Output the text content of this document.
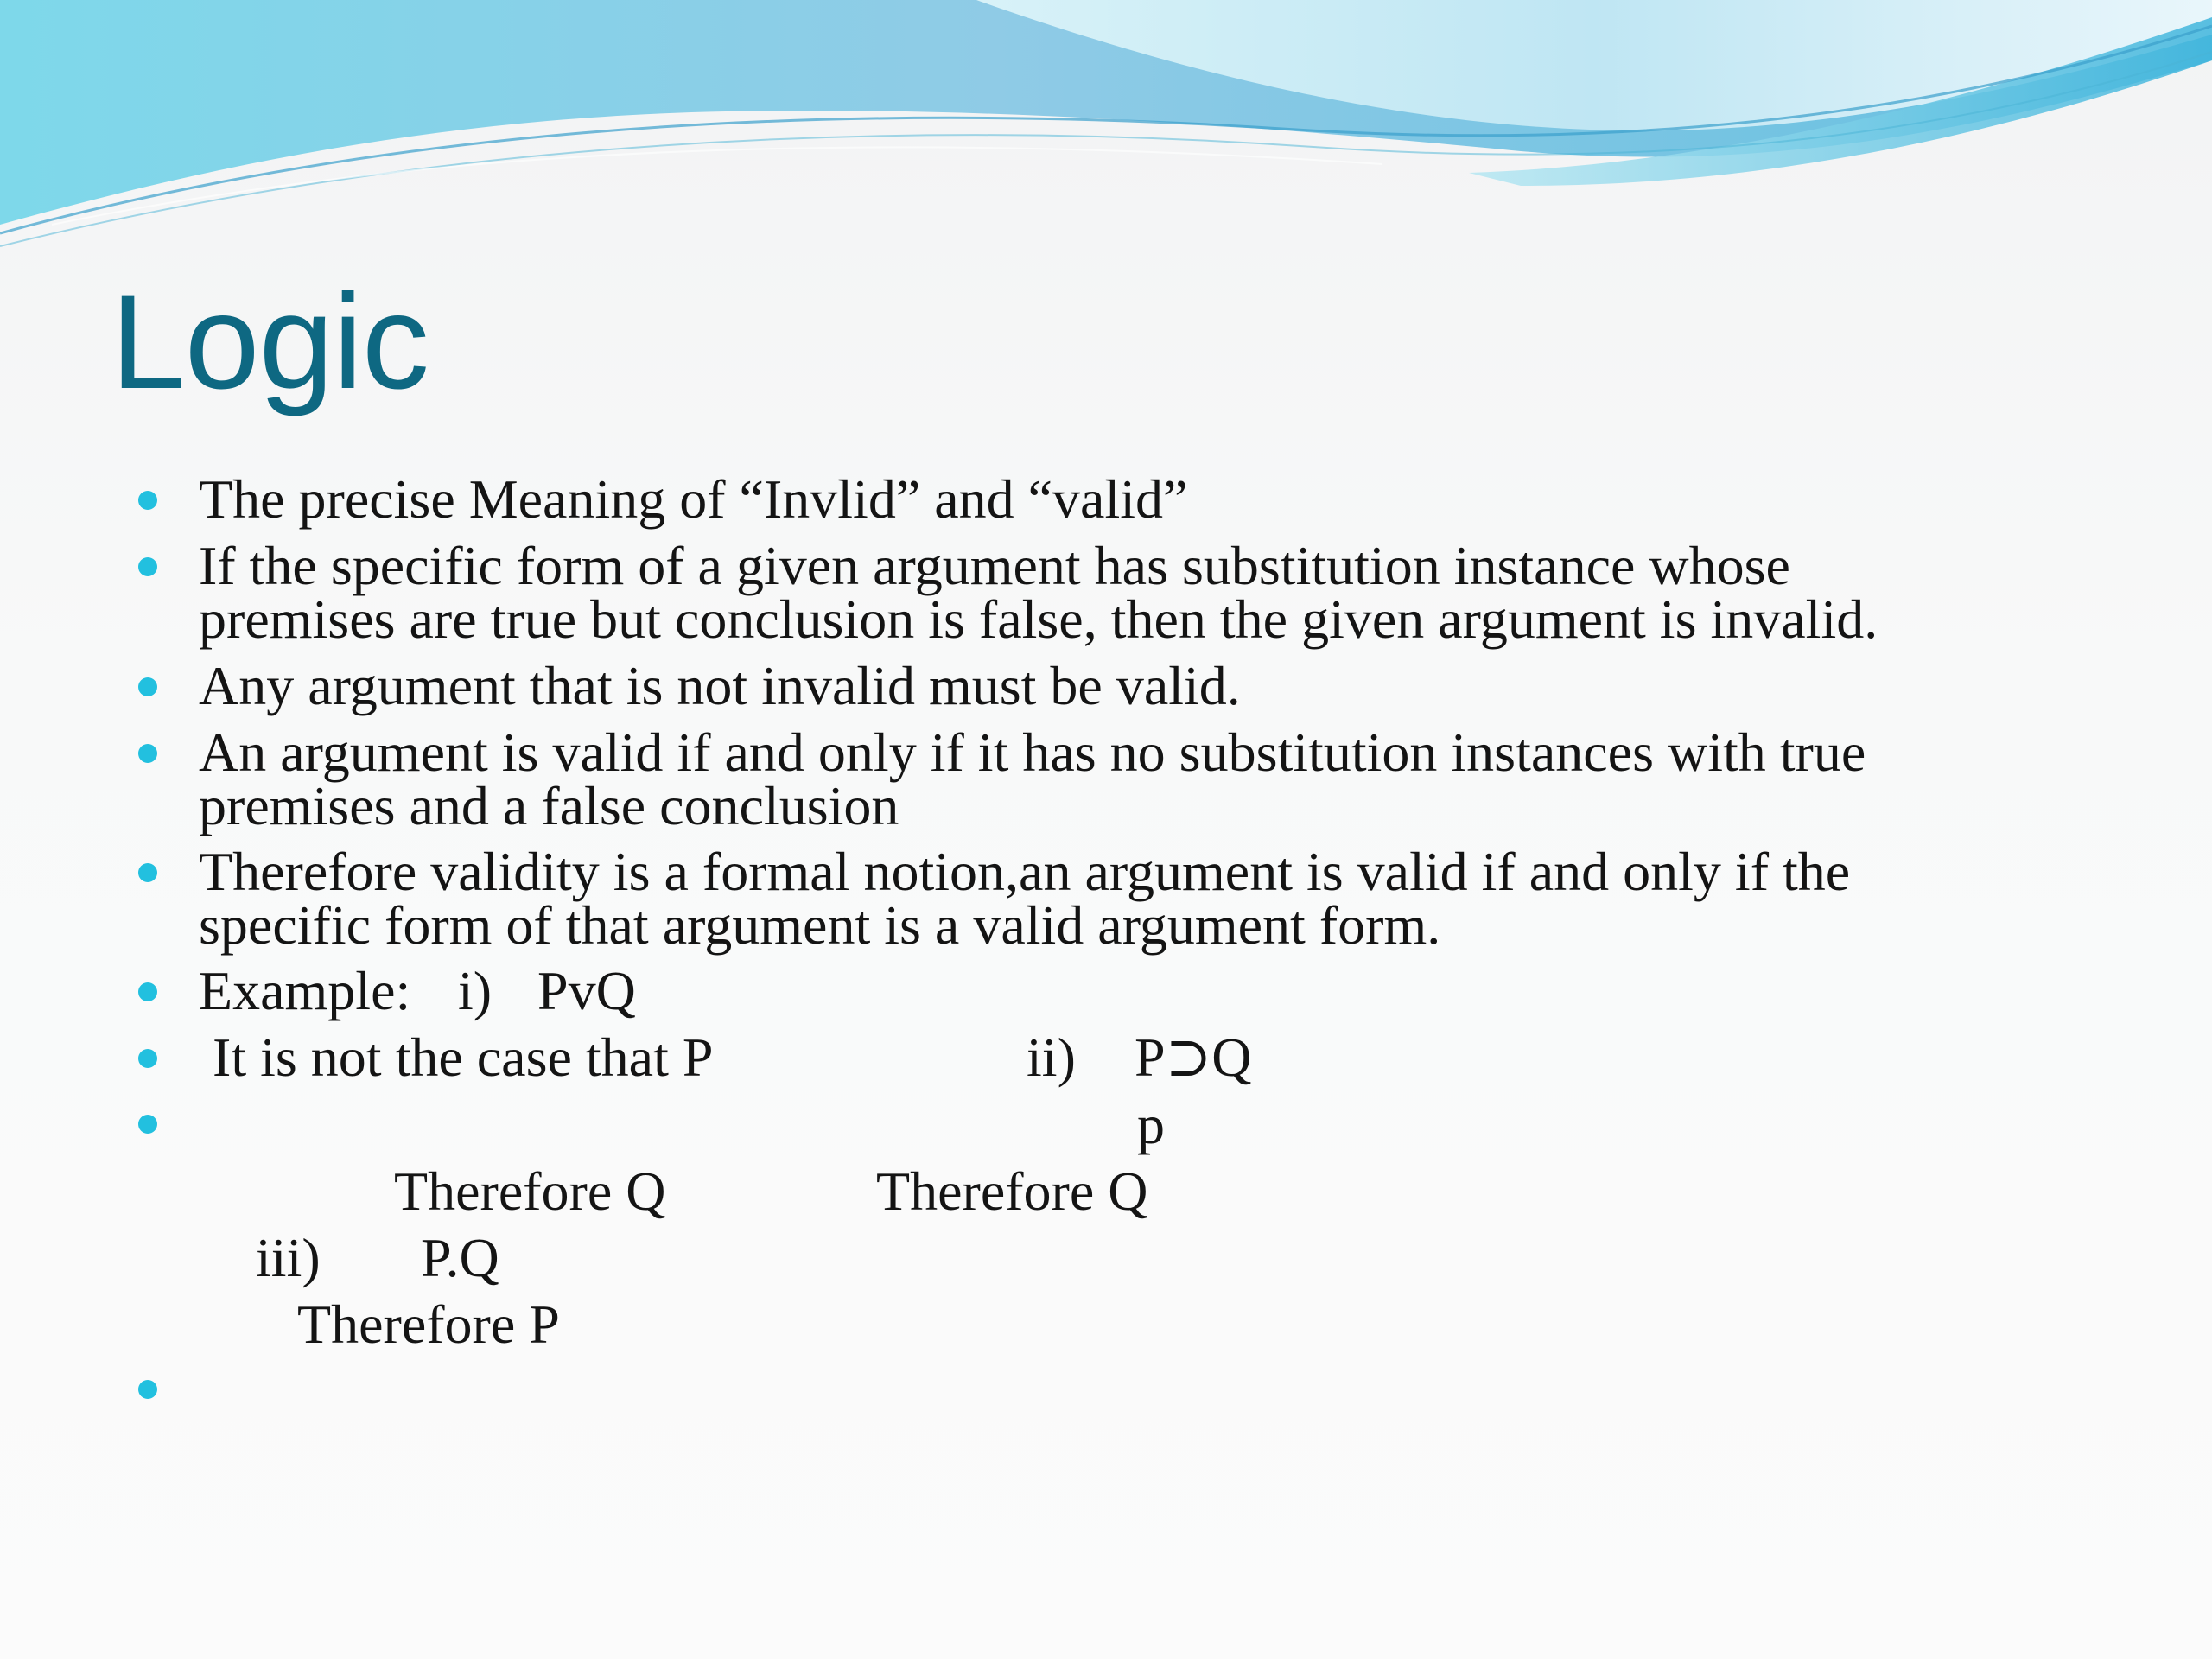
Logic
The precise Meaning of “Invlid” and “valid”
If the specific form of a given argument has substitution instance whose
premises are true but conclusion is false, then the given argument is invalid.
Any argument that is not invalid must be valid.
An argument is valid if and only if it has no substitution instances with true
premises and a false conclusion
Therefore validity is a formal notion,an argument is valid if and only if the
specific form of that argument is a valid argument form.
Example: i) PvQ
It is not the case that P	ii) P⊃Q
p
Therefore Q	Therefore Q
iii) P.Q
Therefore P
